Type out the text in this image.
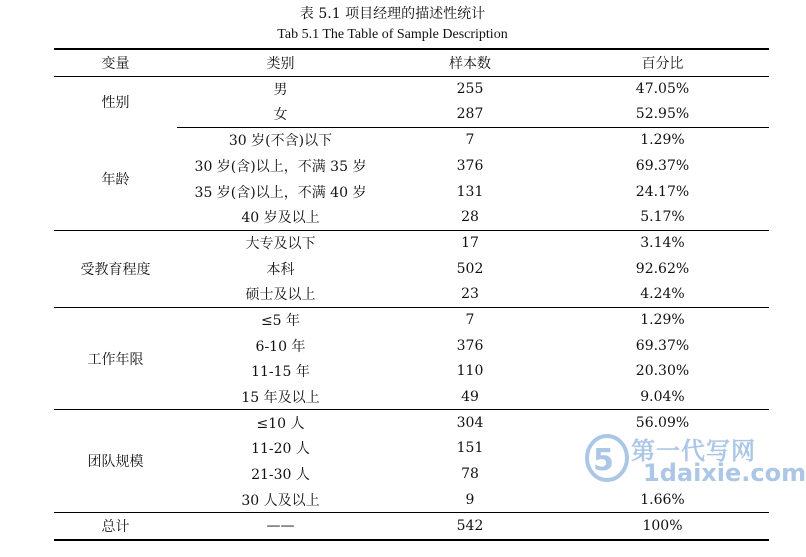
表 5.1 项目经理的描述性统计
Tab 5.1 The Table of Sample Description
变量	类别	样本数	百分比
性别	男	255	47.05%
	女	287	52.95%
年龄	30 岁(不含)以下	7	1.29%
	30 岁(含)以上，不满 35 岁	376	69.37%
	35 岁(含)以上，不满 40 岁	131	24.17%
	40 岁及以上	28	5.17%
受教育程度	大专及以下	17	3.14%
	本科	502	92.62%
	硕士及以上	23	4.24%
工作年限	≤5 年	7	1.29%
	6-10 年	376	69.37%
	11-15 年	110	20.30%
	15 年及以上	49	9.04%
团队规模	≤10 人	304	56.09%
	11-20 人	151	
	21-30 人	78	
	30 人及以上	9	1.66%
总计	——	542	100%
5 第一代写网
1daixie.com
